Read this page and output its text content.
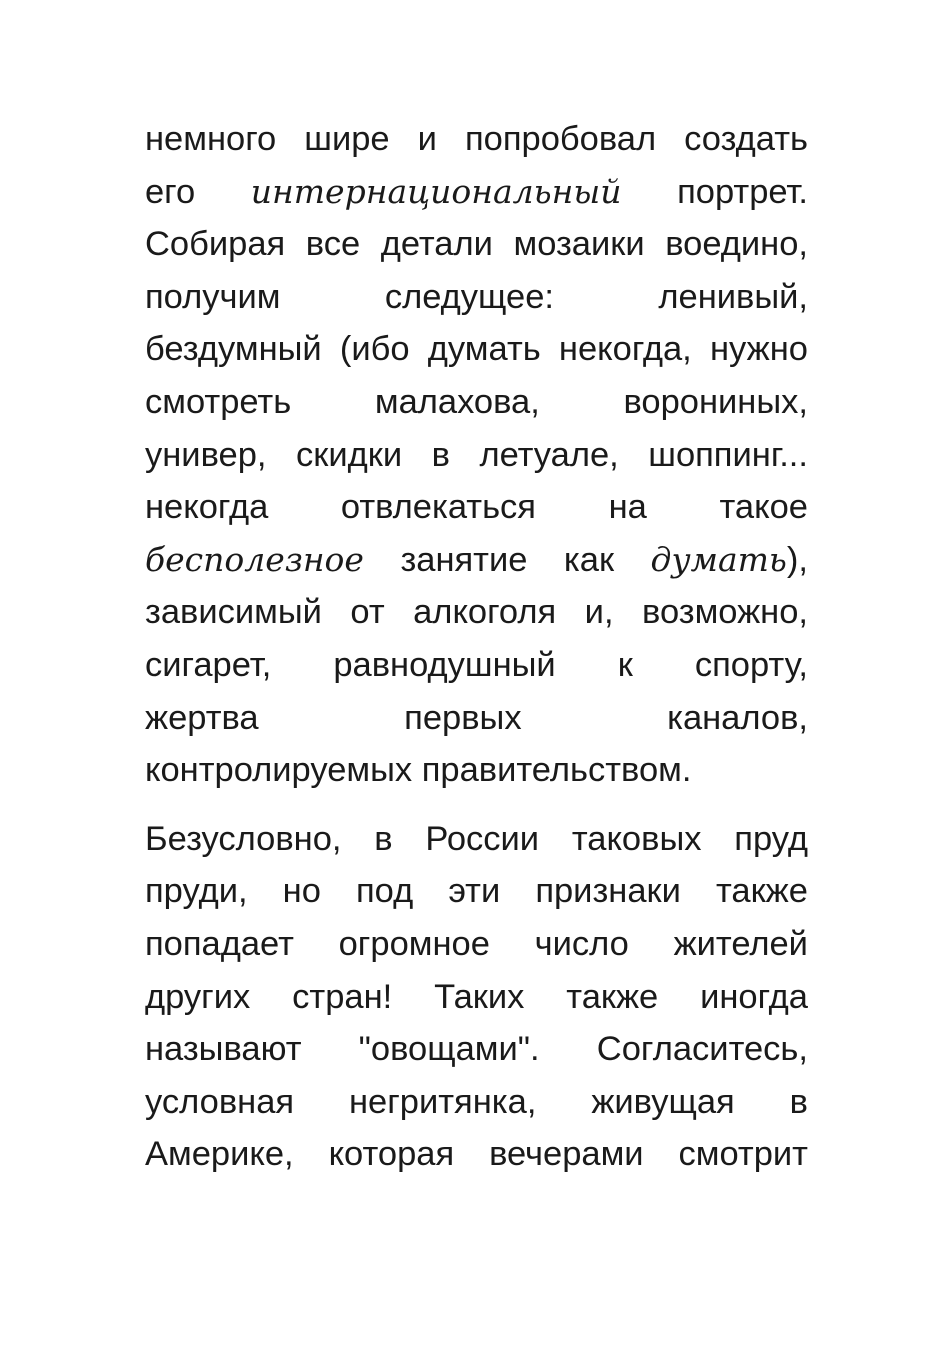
немного шире и попробовал создать
его интернациональный портрет.
Собирая все детали мозаики воедино,
получим	следущее:	ленивый,
бездумный (ибо думать некогда, нужно
смотреть малахова, ворониных,
универ, скидки в летуале, шоппинг...
некогда отвлекаться на такое
бесполезное занятие как думать),
зависимый от алкоголя и, возможно,
сигарет, равнодушный к спорту,
жертва	первых	каналов,
контролируемых правительством.
Безусловно, в России таковых пруд
пруди, но под эти признаки также
попадает огромное число жителей
других стран! Таких также иногда
называют "овощами". Согласитесь,
условная негритянка, живущая в
Америке, которая вечерами смотрит
